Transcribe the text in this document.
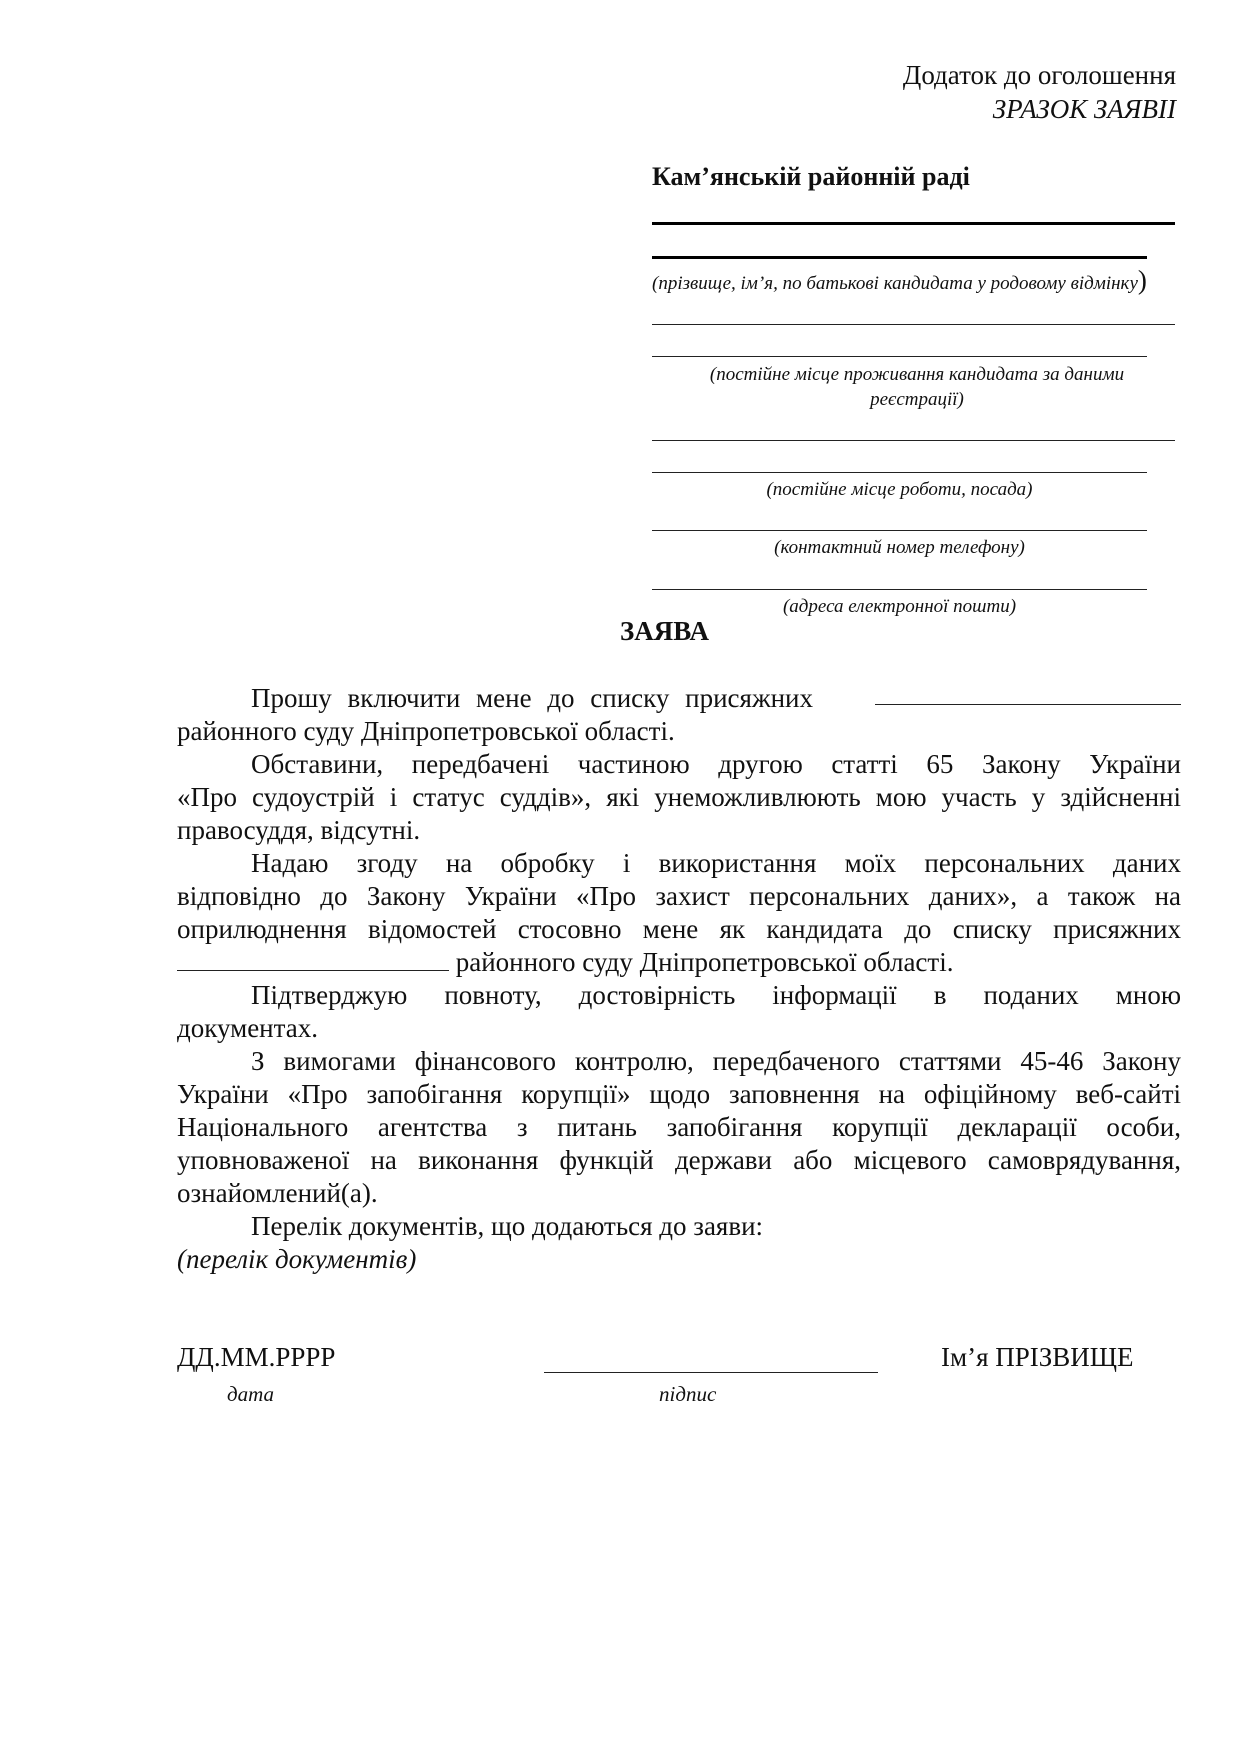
Додаток до оголошення
ЗРАЗОК ЗАЯВІІ
Кам’янській районній раді
(прізвище, ім’я, по батькові кандидата у родовому відмінку)
(постійне місце проживання кандидата за даними
реєстрації)
(постійне місце роботи, посада)
(контактний номер телефону)
(адреса електронної пошти)
ЗАЯВА
Прошу включити мене до списку присяжних
районного суду Дніпропетровської області.
Обставини, передбачені частиною другою статті 65 Закону України
«Про судоустрій і статус суддів», які унеможливлюють мою участь у здійсненні
правосуддя, відсутні.
Надаю згоду на обробку і використання моїх персональних даних
відповідно до Закону України «Про захист персональних даних», а також на
оприлюднення відомостей стосовно мене як кандидата до списку присяжних
районного суду Дніпропетровської області.
Підтверджую повноту, достовірність інформації в поданих мною
документах.
З вимогами фінансового контролю, передбаченого статтями 45-46 Закону
України «Про запобігання корупції» щодо заповнення на офіційному веб-сайті
Національного агентства з питань запобігання корупції декларації особи,
уповноваженої на виконання функцій держави або місцевого самоврядування,
ознайомлений(а).
Перелік документів, що додаються до заяви:
(перелік документів)
ДД.ММ.РРРР
дата	підпис
Ім’я ПРІЗВИЩЕ
